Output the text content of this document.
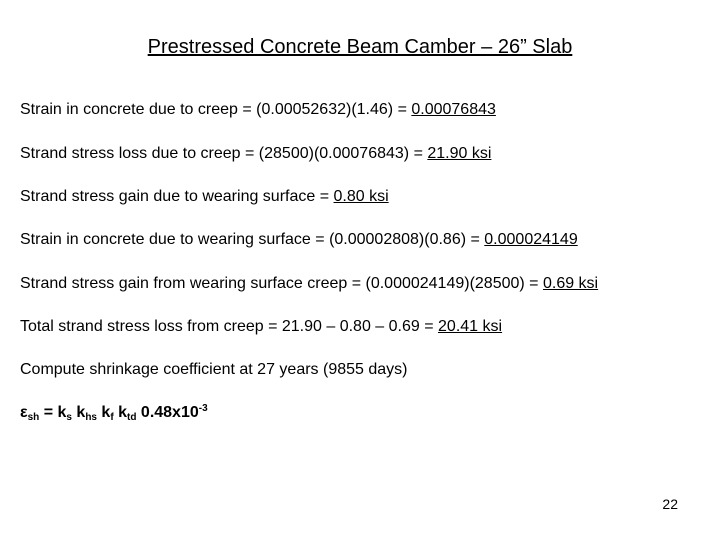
Prestressed Concrete Beam Camber – 26” Slab
Strain in concrete due to creep = (0.00052632)(1.46) = 0.00076843
Strand stress loss due to creep = (28500)(0.00076843) = 21.90 ksi
Strand stress gain due to wearing surface = 0.80 ksi
Strain in concrete due to wearing surface = (0.00002808)(0.86) = 0.000024149
Strand stress gain from wearing surface creep = (0.000024149)(28500) = 0.69 ksi
Total strand stress loss from creep = 21.90 – 0.80 – 0.69 = 20.41 ksi
Compute shrinkage coefficient at 27 years (9855 days)
$\varepsilon_{sh} = k_s$ $k_{hs}$ $k_f$ $k_{td}$ $0.48x10^{-3}$
22
